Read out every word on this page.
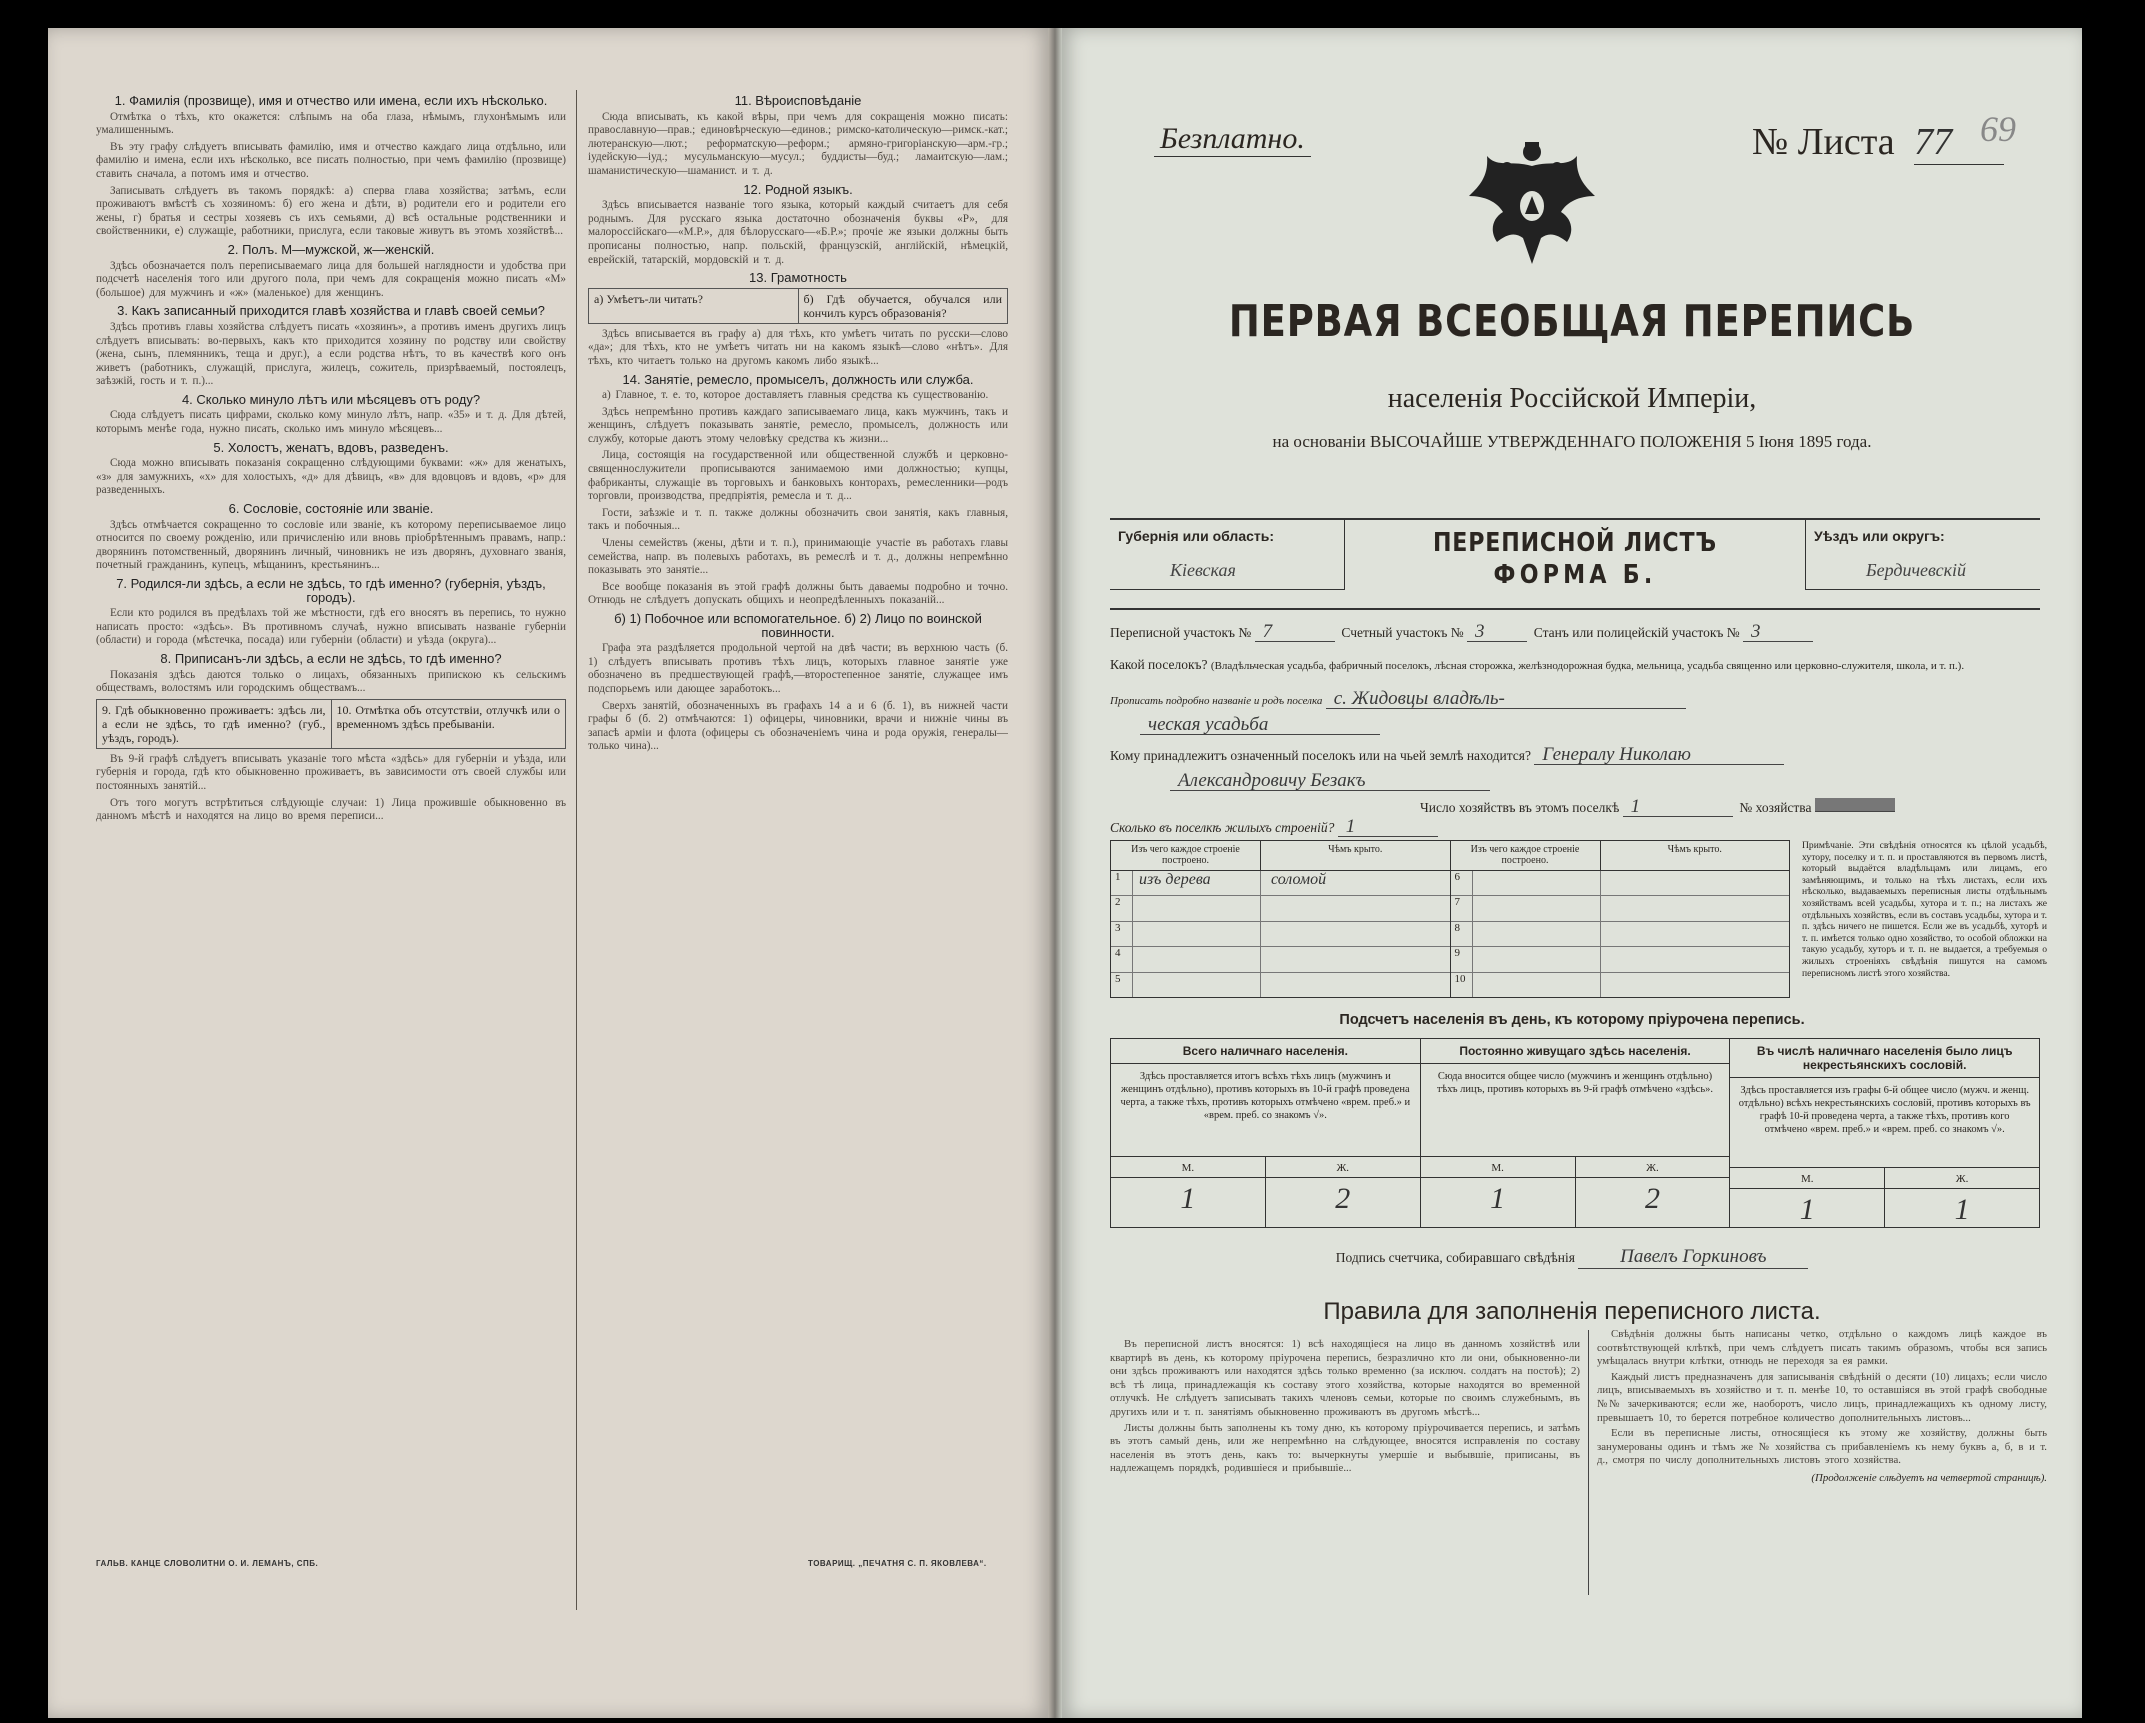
1. Фамилія (прозвище), имя и отчество или имена, если ихъ нѣсколько.

Отмѣтка о тѣхъ, кто окажется: слѣпымъ на оба глаза, нѣмымъ, глухонѣмымъ или умалишеннымъ.

Въ эту графу слѣдуетъ вписывать фамилію, имя и отчество каждаго лица отдѣльно, или фамилію и имена, если ихъ нѣсколько, все писать полностью, при чемъ фамилію (прозвище) ставить сначала, а потомъ имя и отчество.

Записывать слѣдуетъ въ такомъ порядкѣ: а) сперва глава хозяйства; затѣмъ, если проживаютъ вмѣстѣ съ хозяиномъ: б) его жена и дѣти, в) родители его и родители его жены, г) братья и сестры хозяевъ съ ихъ семьями, д) всѣ остальные родственники и свойственники, е) служащіе, работники, прислуга, если таковые живутъ въ этомъ хозяйствѣ...

2. Полъ. М—мужской, ж—женскій.

Здѣсь обозначается полъ переписываемаго лица для большей наглядности и удобства при подсчетѣ населенія того или другого пола, при чемъ для сокращенія можно писать «М» (большое) для мужчинъ и «ж» (маленькое) для женщинъ.

3. Какъ записанный приходится главѣ хозяйства и главѣ своей семьи?

Здѣсь противъ главы хозяйства слѣдуетъ писать «хозяинъ», а противъ именъ другихъ лицъ слѣдуетъ вписывать: во-первыхъ, какъ кто приходится хозяину по родству или свойству (жена, сынъ, племянникъ, теща и друг.), а если родства нѣтъ, то въ качествѣ кого онъ живетъ (работникъ, служащій, прислуга, жилецъ, сожитель, призрѣваемый, постоялецъ, заѣзжій, гость и т. п.)...

4. Сколько минуло лѣтъ или мѣсяцевъ отъ роду?

Сюда слѣдуетъ писать цифрами, сколько кому минуло лѣтъ, напр. «35» и т. д. Для дѣтей, которымъ менѣе года, нужно писать, сколько имъ минуло мѣсяцевъ...

5. Холостъ, женатъ, вдовъ, разведенъ.

Сюда можно вписывать показанія сокращенно слѣдующими буквами: «ж» для женатыхъ, «з» для замужнихъ, «х» для холостыхъ, «д» для дѣвицъ, «в» для вдовцовъ и вдовъ, «р» для разведенныхъ.

6. Сословіе, состояніе или званіе.

Здѣсь отмѣчается сокращенно то сословіе или званіе, къ которому переписываемое лицо относится по своему рожденію, или причисленію или вновь пріобрѣтеннымъ правамъ, напр.: дворянинъ потомственный, дворянинъ личный, чиновникъ не изъ дворянъ, духовнаго званія, почетный гражданинъ, купецъ, мѣщанинъ, крестьянинъ...

7. Родился-ли здѣсь, а если не здѣсь, то гдѣ именно? (губернія, уѣздъ, городъ).

Если кто родился въ предѣлахъ той же мѣстности, гдѣ его вносятъ въ перепись, то нужно написать просто: «здѣсь». Въ противномъ случаѣ, нужно вписывать названіе губерніи (области) и города (мѣстечка, посада) или губерніи (области) и уѣзда (округа)...

8. Приписанъ-ли здѣсь, а если не здѣсь, то гдѣ именно?

Показанія здѣсь даются только о лицахъ, обязанныхъ припискою къ сельскимъ обществамъ, волостямъ или городскимъ обществамъ...

9. Гдѣ обыкновенно проживаетъ: здѣсь ли, а если не здѣсь, то гдѣ именно? (губ., уѣздъ, городъ).
10. Отмѣтка объ отсутствіи, отлучкѣ или о временномъ здѣсь пребываніи.

Въ 9-й графѣ слѣдуетъ вписывать указаніе того мѣста «здѣсь» для губерніи и уѣзда, или губернія и города, гдѣ кто обыкновенно проживаетъ, въ зависимости отъ своей службы или постоянныхъ занятій...

Отъ того могутъ встрѣтиться слѣдующіе случаи: 1) Лица прожившіе обыкновенно въ данномъ мѣстѣ и находятся на лицо во время переписи...

11. Вѣроисповѣданіе

Сюда вписывать, къ какой вѣры, при чемъ для сокращенія можно писать: православную—прав.; единовѣрческую—единов.; римско-католическую—римск.-кат.; лютеранскую—лют.; реформатскую—реформ.; армяно-григоріанскую—арм.-гр.; іудейскую—іуд.; мусульманскую—мусул.; буддисты—буд.; ламаитскую—лам.; шаманистическую—шаманист. и т. д.

12. Родной языкъ.

Здѣсь вписывается названіе того языка, который каждый считаетъ для себя роднымъ. Для русскаго языка достаточно обозначенія буквы «Р», для малороссійскаго—«М.Р.», для бѣлорусскаго—«Б.Р.»; прочіе же языки должны быть прописаны полностью, напр. польскій, французскій, англійскій, нѣмецкій, еврейскій, татарскій, мордовскій и т. д.

13. Грамотность
а) Умѣетъ-ли читать?	б) Гдѣ обучается, обучался или кончилъ курсъ образованія?

Здѣсь вписывается въ графу а) для тѣхъ, кто умѣетъ читать по русски—слово «да»; для тѣхъ, кто не умѣетъ читать ни на какомъ языкѣ—слово «нѣтъ». Для тѣхъ, кто читаетъ только на другомъ какомъ либо языкѣ...

14. Занятіе, ремесло, промыселъ, должность или служба.

а) Главное, т. е. то, которое доставляетъ главныя средства къ существованію.

Здѣсь непремѣнно противъ каждаго записываемаго лица, какъ мужчинъ, такъ и женщинъ, слѣдуетъ показывать занятіе, ремесло, промыселъ, должность или службу, которые даютъ этому человѣку средства къ жизни...

Лица, состоящія на государственной или общественной службѣ и церковно-священнослужители прописываются занимаемою ими должностью; купцы, фабриканты, служащіе въ торговыхъ и банковыхъ конторахъ, ремесленники—родъ торговли, производства, предпріятія, ремесла и т. д...

Гости, заѣзжіе и т. п. также должны обозначить свои занятія, какъ главныя, такъ и побочныя...

Члены семействъ (жены, дѣти и т. п.), принимающіе участіе въ работахъ главы семейства, напр. въ полевыхъ работахъ, въ ремеслѣ и т. д., должны непремѣнно показывать это занятіе...

Все вообще показанія въ этой графѣ должны быть даваемы подробно и точно. Отнюдь не слѣдуетъ допускать общихъ и неопредѣленныхъ показаній...

б) 1) Побочное или вспомогательное. б) 2) Лицо по воинской повинности.

Графа эта раздѣляется продольной чертой на двѣ части; въ верхнюю часть (б. 1) слѣдуетъ вписывать противъ тѣхъ лицъ, которыхъ главное занятіе уже обозначено въ предшествующей графѣ,—второстепенное занятіе, служащее имъ подспорьемъ или дающее заработокъ...

Сверхъ занятій, обозначенныхъ въ графахъ 14 а и 6 (б. 1), въ нижней части графы б (б. 2) отмѣчаются: 1) офицеры, чиновники, врачи и нижніе чины въ запасѣ арміи и флота (офицеры съ обозначеніемъ чина и рода оружія, генералы—только чина)...

ГАЛЬВ. КАНЦЕ СЛОВОЛИТНИ О. И. ЛЕМАНЪ, СПБ.	ТОВАРИЩ. „ПЕЧАТНЯ С. П. ЯКОВЛЕВА“.
Безплатно.	№ Листа 77 69
ПЕРВАЯ ВСЕОБЩАЯ ПЕРЕПИСЬ
населенія Россійской Имперіи,
на основаніи ВЫСОЧАЙШЕ УТВЕРЖДЕННАГО ПОЛОЖЕНІЯ 5 Іюня 1895 года.
Губернія или область:
Кіевская
ПЕРЕПИСНОЙ ЛИСТЪ
ФОРМА Б.
Уѣздъ или округъ:
Бердичевскій
Переписной участокъ № 7	Счетный участокъ № 3	Станъ или полицейскій участокъ № 3
Какой поселокъ? (Владѣльческая усадьба, фабричный поселокъ, лѣсная сторожка, желѣзнодорожная будка, мельница, усадьба священно или церковно-служителя, школа, и т. п.).
Прописать подробно названіе и родъ поселка с. Жидовцы владѣль-
ческая усадьба
Кому принадлежитъ означенный поселокъ или на чьей землѣ находится? Генералу Николаю
Александровичу Безакъ
Число хозяйствъ въ этомъ поселкѣ 1	№ хозяйства
Сколько въ поселкѣ жилыхъ строеній? 1
Изъ чего каждое строеніе построено.
Чѣмъ крыто.
1	изъ дерева	соломой
2
3
4
5
Изъ чего каждое строеніе построено.
Чѣмъ крыто.
6
7
8
9
10
Примѣчаніе. Эти свѣдѣнія относятся къ цѣлой усадьбѣ, хутору, поселку и т. п. и проставляются въ первомъ листѣ, который выдаётся владѣльцамъ или лицамъ, его замѣняющимъ, и только на тѣхъ листахъ, если ихъ нѣсколько, выдаваемыхъ переписныя листы отдѣльнымъ хозяйствамъ всей усадьбы, хутора и т. п.; на листахъ же отдѣльныхъ хозяйствъ, если въ составъ усадьбы, хутора и т. п. здѣсь ничего не пишется. Если же въ усадьбѣ, хуторѣ и т. п. имѣется только одно хозяйство, то особой обложки на такую усадьбу, хуторъ и т. п. не выдается, а требуемыя о жилыхъ строеніяхъ свѣдѣнія пишутся на самомъ переписномъ листѣ этого хозяйства.
Подсчетъ населенія въ день, къ которому пріурочена перепись.
Всего наличнаго населенія.
Здѣсь проставляется итогъ всѣхъ тѣхъ лицъ (мужчинъ и женщинъ отдѣльно), противъ которыхъ въ 10-й графѣ проведена черта, а также тѣхъ, противъ которыхъ отмѣчено «врем. преб.» и «врем. преб. со знакомъ √».
М.	Ж.
1	2
Постоянно живущаго здѣсь населенія.
Сюда вносится общее число (мужчинъ и женщинъ отдѣльно) тѣхъ лицъ, противъ которыхъ въ 9-й графѣ отмѣчено «здѣсь».
М.	Ж.
1	2
Въ числѣ наличнаго населенія было лицъ некрестьянскихъ сословій.
Здѣсь проставляется изъ графы 6-й общее число (мужч. и женщ. отдѣльно) всѣхъ некрестьянскихъ сословій, противъ которыхъ въ графѣ 10-й проведена черта, а также тѣхъ, противъ кого отмѣчено «врем. преб.» и «врем. преб. со знакомъ √».
М.	Ж.
1	1
Подпись счетчика, собиравшаго свѣдѣнія Павелъ Горкиновъ
Правила для заполненія переписного листа.

Въ переписной листъ вносятся: 1) всѣ находящіеся на лицо въ данномъ хозяйствѣ или квартирѣ въ день, къ которому пріурочена перепись, безразлично кто ли они, обыкновенно-ли они здѣсь проживаютъ или находятся здѣсь только временно (за исключ. солдатъ на постоѣ); 2) всѣ тѣ лица, принадлежащія къ составу этого хозяйства, которые находятся во временной отлучкѣ. Не слѣдуетъ записывать такихъ членовъ семьи, которые по своимъ служебнымъ, въ другихъ или и т. п. занятіямъ обыкновенно проживаютъ въ другомъ мѣстѣ...

Листы должны быть заполнены къ тому дню, къ которому пріурочивается перепись, и затѣмъ въ этотъ самый день, или же непремѣнно на слѣдующее, вносятся исправленія по составу населенія въ этотъ день, какъ то: вычеркнуты умершіе и выбывшіе, приписаны, въ надлежащемъ порядкѣ, родившіеся и прибывшіе...

Свѣдѣнія должны быть написаны четко, отдѣльно о каждомъ лицѣ каждое въ соотвѣтствующей клѣткѣ, при чемъ слѣдуетъ писать такимъ образомъ, чтобы вся запись умѣщалась внутри клѣтки, отнюдь не переходя за ея рамки.

Каждый листъ предназначенъ для записыванія свѣдѣній о десяти (10) лицахъ; если число лицъ, вписываемыхъ въ хозяйство и т. п. менѣе 10, то оставшіяся въ этой графѣ свободные №№ зачеркиваются; если же, наоборотъ, число лицъ, принадлежащихъ къ одному листу, превышаетъ 10, то берется потребное количество дополнительныхъ листовъ...

Если въ переписные листы, относящіеся къ этому же хозяйству, должны быть занумерованы одинъ и тѣмъ же № хозяйства съ прибавленіемъ къ нему буквъ а, б, в и т. д., смотря по числу дополнительныхъ листовъ этого хозяйства.

(Продолженіе слѣдуетъ на четвертой страницѣ).
